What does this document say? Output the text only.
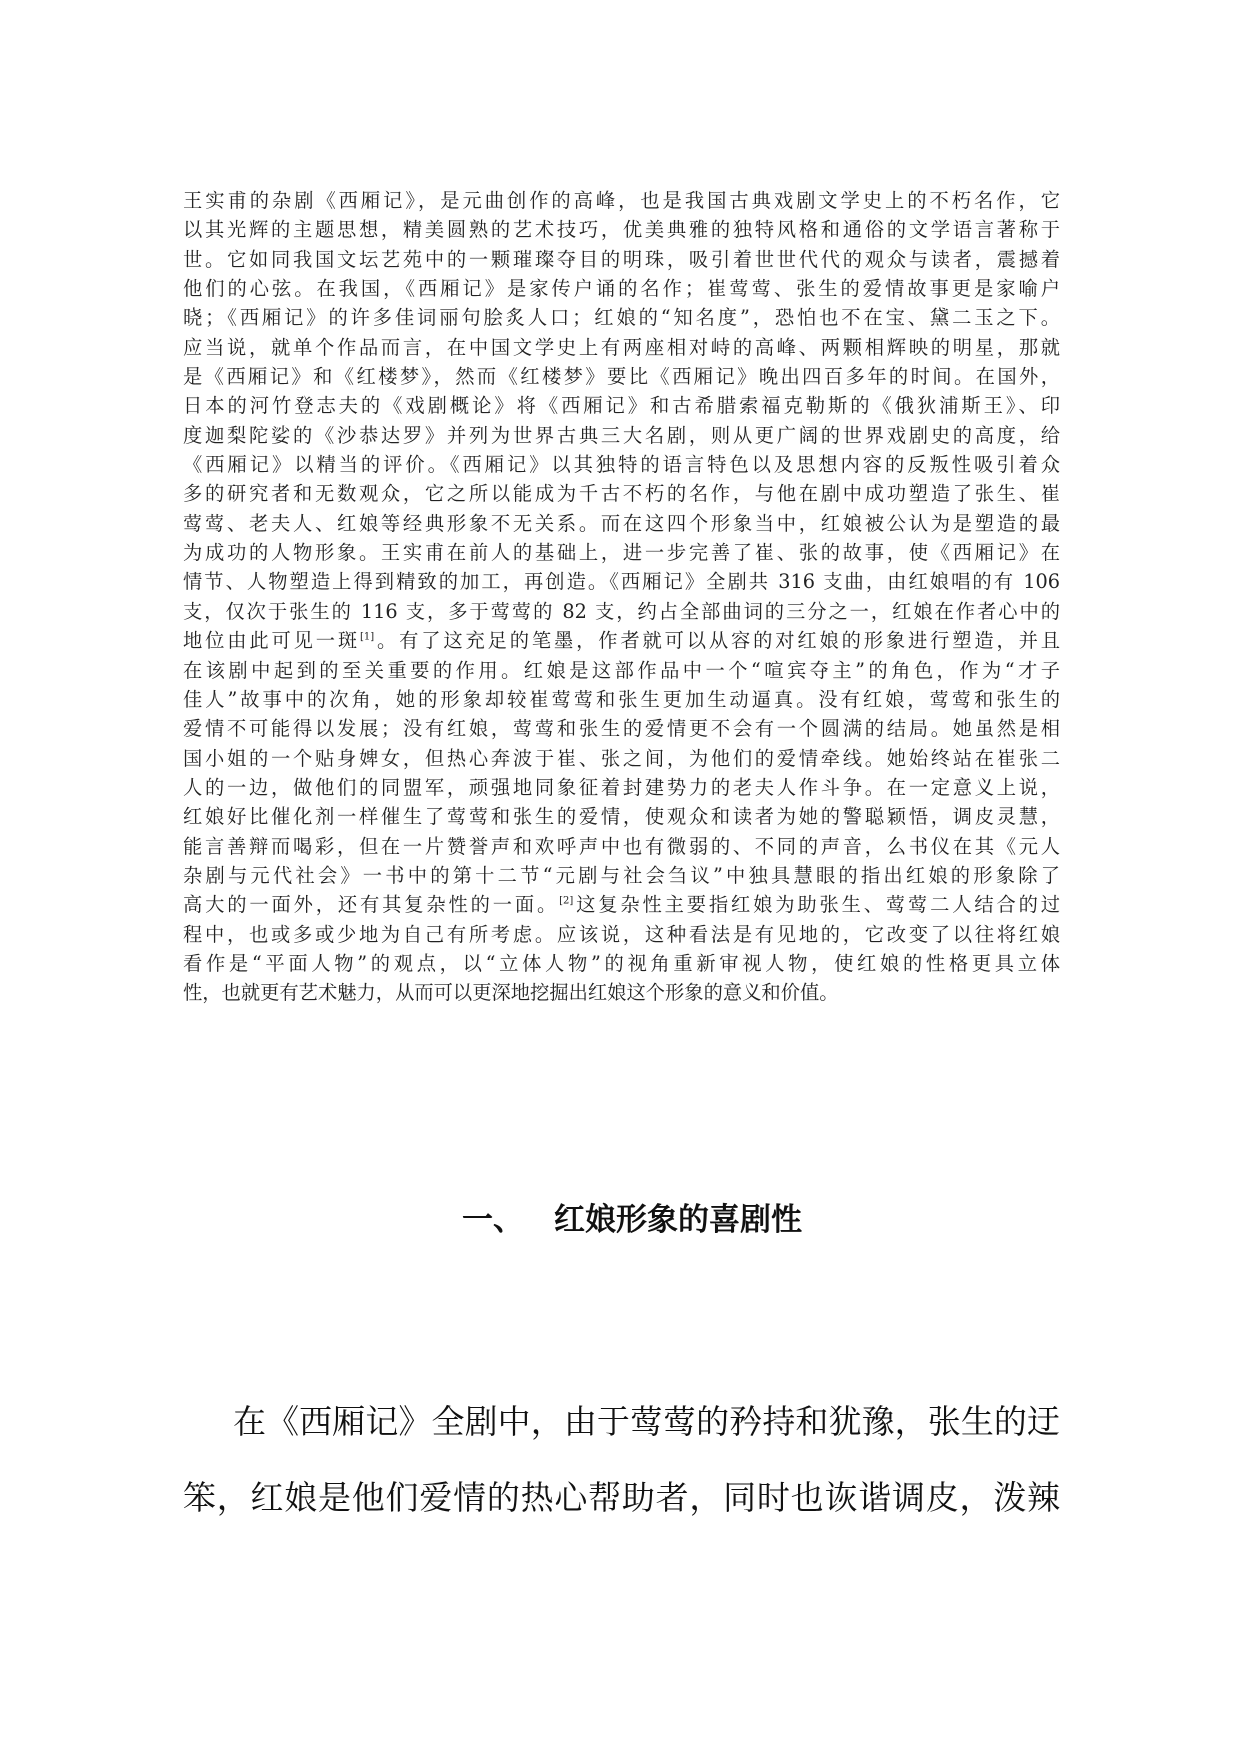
王实甫的杂剧《西厢记》，是元曲创作的高峰，也是我国古典戏剧文学史上的不朽名作，它
以其光辉的主题思想，精美圆熟的艺术技巧，优美典雅的独特风格和通俗的文学语言著称于
世。它如同我国文坛艺苑中的一颗璀璨夺目的明珠，吸引着世世代代的观众与读者，震撼着
他们的心弦。在我国，《西厢记》是家传户诵的名作；崔莺莺、张生的爱情故事更是家喻户
晓；《西厢记》的许多佳词丽句脍炙人口；红娘的“知名度”，恐怕也不在宝、黛二玉之下。
应当说，就单个作品而言，在中国文学史上有两座相对峙的高峰、两颗相辉映的明星，那就
是《西厢记》和《红楼梦》，然而《红楼梦》要比《西厢记》晚出四百多年的时间。在国外，
日本的河竹登志夫的《戏剧概论》将《西厢记》和古希腊索福克勒斯的《俄狄浦斯王》、印
度迦梨陀娑的《沙恭达罗》并列为世界古典三大名剧，则从更广阔的世界戏剧史的高度，给
《西厢记》以精当的评价。《西厢记》以其独特的语言特色以及思想内容的反叛性吸引着众
多的研究者和无数观众，它之所以能成为千古不朽的名作，与他在剧中成功塑造了张生、崔
莺莺、老夫人、红娘等经典形象不无关系。而在这四个形象当中，红娘被公认为是塑造的最
为成功的人物形象。王实甫在前人的基础上，进一步完善了崔、张的故事，使《西厢记》在
情节、人物塑造上得到精致的加工，再创造。《西厢记》全剧共 316 支曲，由红娘唱的有 106
支，仅次于张生的 116 支，多于莺莺的 82 支，约占全部曲词的三分之一，红娘在作者心中的
地位由此可见一斑[1]。有了这充足的笔墨，作者就可以从容的对红娘的形象进行塑造，并且
在该剧中起到的至关重要的作用。红娘是这部作品中一个“喧宾夺主”的角色，作为“才子
佳人”故事中的次角，她的形象却较崔莺莺和张生更加生动逼真。没有红娘，莺莺和张生的
爱情不可能得以发展；没有红娘，莺莺和张生的爱情更不会有一个圆满的结局。她虽然是相
国小姐的一个贴身婢女，但热心奔波于崔、张之间，为他们的爱情牵线。她始终站在崔张二
人的一边，做他们的同盟军，顽强地同象征着封建势力的老夫人作斗争。在一定意义上说，
红娘好比催化剂一样催生了莺莺和张生的爱情，使观众和读者为她的警聪颖悟，调皮灵慧，
能言善辩而喝彩，但在一片赞誉声和欢呼声中也有微弱的、不同的声音，么书仪在其《元人
杂剧与元代社会》一书中的第十二节“元剧与社会刍议”中独具慧眼的指出红娘的形象除了
高大的一面外，还有其复杂性的一面。[2]这复杂性主要指红娘为助张生、莺莺二人结合的过
程中，也或多或少地为自己有所考虑。应该说，这种看法是有见地的，它改变了以往将红娘
看作是“平面人物”的观点，以“立体人物”的视角重新审视人物，使红娘的性格更具立体
性，也就更有艺术魅力，从而可以更深地挖掘出红娘这个形象的意义和价值。
一、 红娘形象的喜剧性
在《西厢记》全剧中，由于莺莺的矜持和犹豫，张生的迂
笨，红娘是他们爱情的热心帮助者，同时也诙谐调皮，泼辣
